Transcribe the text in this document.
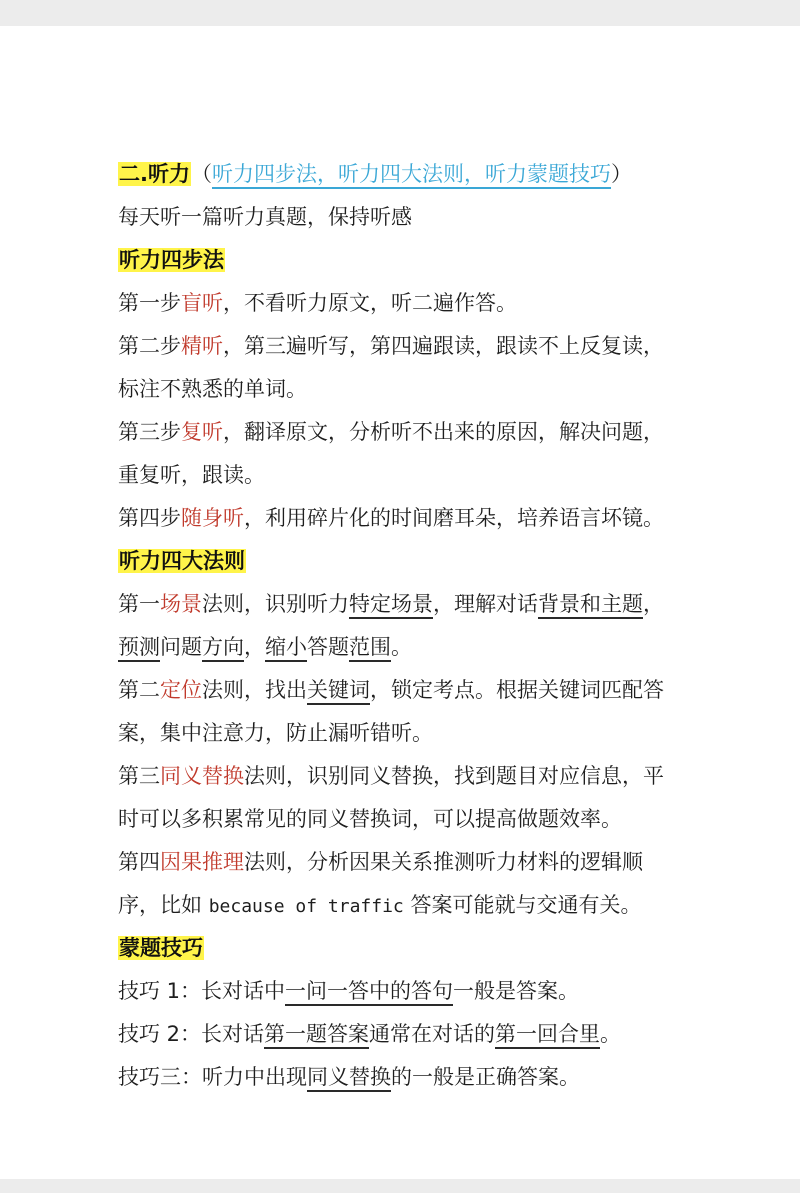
二.听力（听力四步法，听力四大法则，听力蒙题技巧）
每天听一篇听力真题，保持听感
听力四步法
第一步盲听，不看听力原文，听二遍作答。
第二步精听，第三遍听写，第四遍跟读，跟读不上反复读，
标注不熟悉的单词。
第三步复听，翻译原文，分析听不出来的原因，解决问题，
重复听，跟读。
第四步随身听，利用碎片化的时间磨耳朵，培养语言坏镜。
听力四大法则
第一场景法则，识别听力特定场景，理解对话背景和主题，
预测问题方向，缩小答题范围。
第二定位法则，找出关键词，锁定考点。根据关键词匹配答
案，集中注意力，防止漏听错听。
第三同义替换法则，识别同义替换，找到题目对应信息，平
时可以多积累常见的同义替换词，可以提高做题效率。
第四因果推理法则，分析因果关系推测听力材料的逻辑顺
序，比如 because of traffic 答案可能就与交通有关。
蒙题技巧
技巧 1：长对话中一问一答中的答句一般是答案。
技巧 2：长对话第一题答案通常在对话的第一回合里。
技巧三：听力中出现同义替换的一般是正确答案。
